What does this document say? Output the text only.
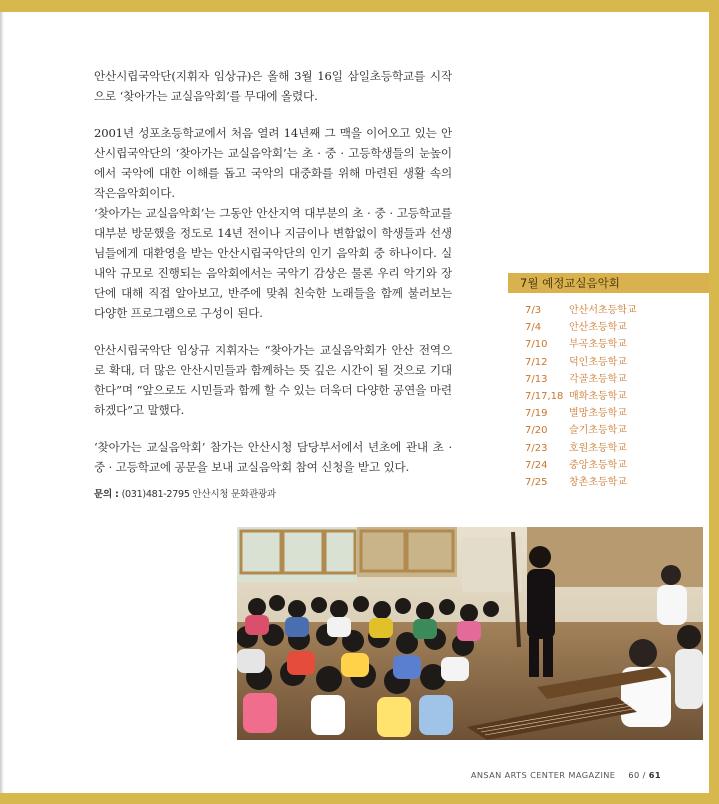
안산시립국악단(지휘자 임상규)은 올해 3월 16일 삼일초등학교를 시작으로 ‘찾아가는 교실음악회’를 무대에 올렸다.

2001년 성포초등학교에서 처음 열려 14년째 그 맥을 이어오고 있는 안산시립국악단의 ‘찾아가는 교실음악회’는 초 · 중 · 고등학생들의 눈높이에서 국악에 대한 이해를 돕고 국악의 대중화를 위해 마련된 생활 속의 작은음악회이다.

‘찾아가는 교실음악회’는 그동안 안산지역 대부분의 초 · 중 · 고등학교를 대부분 방문했을 정도로 14년 전이나 지금이나 변함없이 학생들과 선생님들에게 대환영을 받는 안산시립국악단의 인기 음악회 중 하나이다. 실내악 규모로 진행되는 음악회에서는 국악기 감상은 물론 우리 악기와 장단에 대해 직접 알아보고, 반주에 맞춰 친숙한 노래들을 함께 불러보는 다양한 프로그램으로 구성이 된다.

안산시립국악단 임상규 지휘자는 “찾아가는 교실음악회가 안산 전역으로 확대, 더 많은 안산시민들과 함께하는 뜻 깊은 시간이 될 것으로 기대한다”며 “앞으로도 시민들과 함께 할 수 있는 더욱더 다양한 공연을 마련하겠다”고 말했다.

‘찾아가는 교실음악회’ 참가는 안산시청 담당부서에서 년초에 관내 초 · 중 · 고등학교에 공문을 보내 교실음악회 참여 신청을 받고 있다.

문의 : (031)481-2795 안산시청 문화관광과
7월 예정교실음악회
7/3	안산서초등학교
7/4	안산초등학교
7/10 부곡초등학교
7/12 덕인초등학교
7/13 각골초등학교
7/17,18 매화초등학교
7/19 별망초등학교
7/20 슬기초등학교
7/23 호원초등학교
7/24 중앙초등학교
7/25 창촌초등학교
ANSAN ARTS CENTER MAGAZINE 60 / 61
